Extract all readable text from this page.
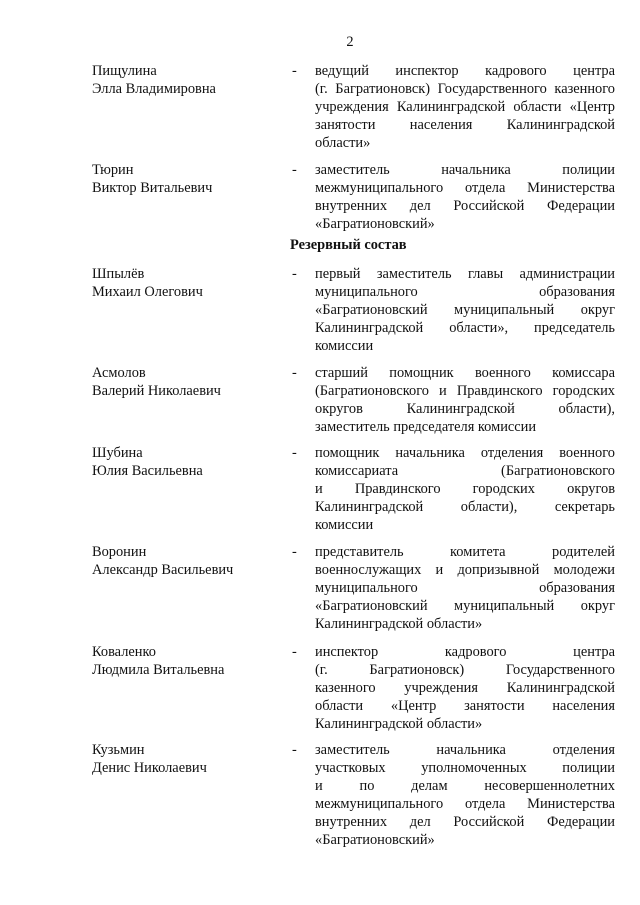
2
Резервный состав
Пищулина
Элла Владимировна
-	ведущий инспектор кадрового центра
(г. Багратионовск) Государственного казенного
учреждения Калининградской области «Центр
занятости населения Калининградской
области»
Тюрин
Виктор Витальевич
-	заместитель начальника полиции
межмуниципального отдела Министерства
внутренних дел Российской Федерации
«Багратионовский»
Шпылёв
Михаил Олегович
-	первый заместитель главы администрации
муниципального образования
«Багратионовский муниципальный округ
Калининградской области», председатель
комиссии
Асмолов
Валерий Николаевич
-	старший помощник военного комиссара
(Багратионовского и Правдинского городских
округов Калининградской области),
заместитель председателя комиссии
Шубина
Юлия Васильевна
-	помощник начальника отделения военного
комиссариата (Багратионовского
и Правдинского городских округов
Калининградской области), секретарь
комиссии
Воронин
Александр Васильевич
-	представитель комитета родителей
военнослужащих и допризывной молодежи
муниципального образования
«Багратионовский муниципальный округ
Калининградской области»
Коваленко
Людмила Витальевна
-	инспектор кадрового центра
(г. Багратионовск) Государственного
казенного учреждения Калининградской
области «Центр занятости населения
Калининградской области»
Кузьмин
Денис Николаевич
-	заместитель начальника отделения
участковых уполномоченных полиции
и по делам несовершеннолетних
межмуниципального отдела Министерства
внутренних дел Российской Федерации
«Багратионовский»
